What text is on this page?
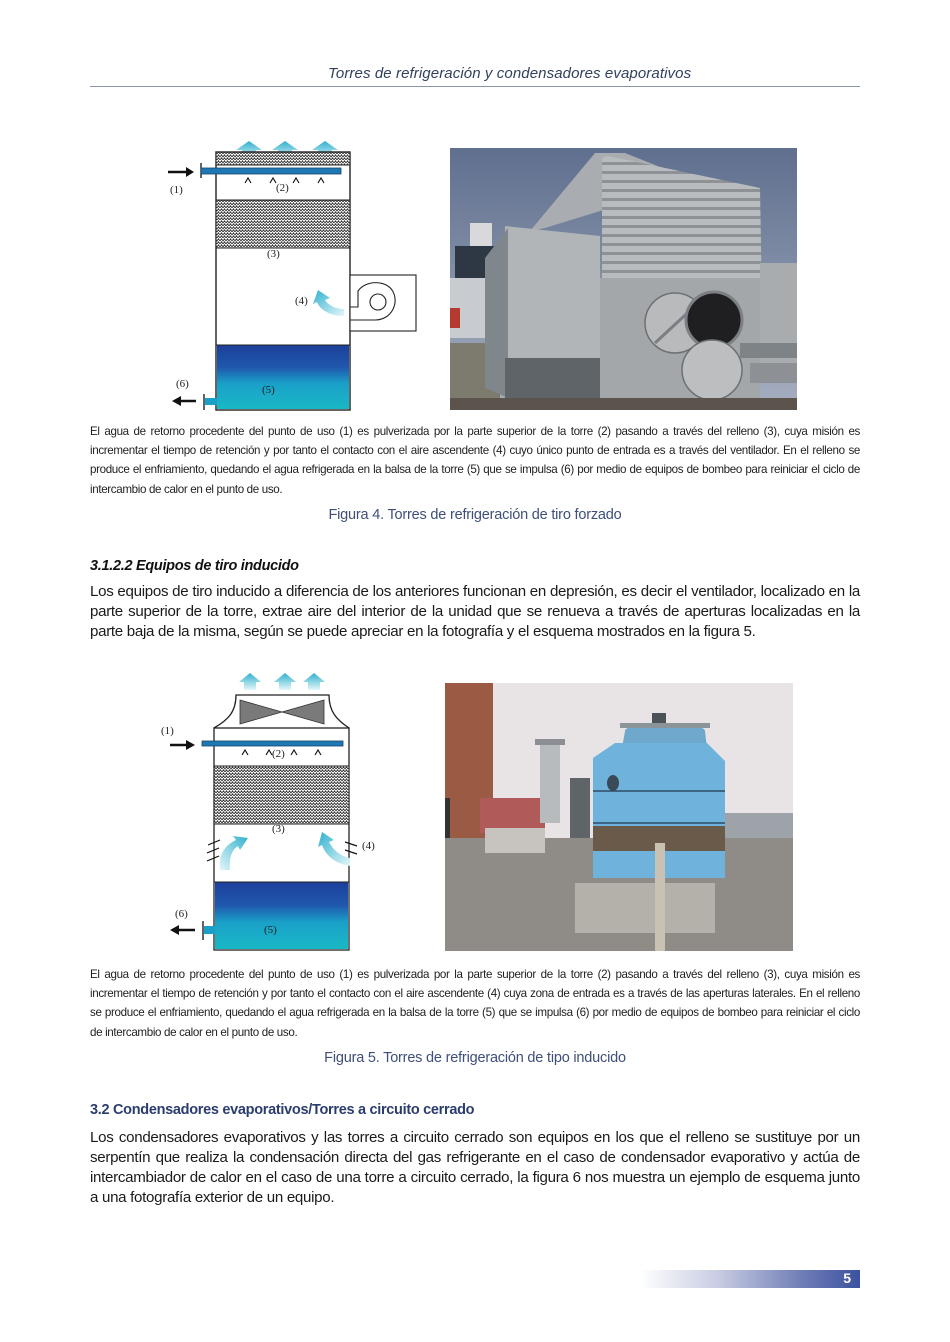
Torres de refrigeración y condensadores evaporativos
(1)	(2)
(3)
(4)
(5)
(6)
El agua de retorno procedente del punto de uso (1) es pulverizada por la parte superior de la torre (2) pasando a través del relleno (3), cuya misión es incrementar el tiempo de retención y por tanto el contacto con el aire ascendente (4) cuyo único punto de entrada es a través del ventilador. En el relleno se produce el enfriamiento, quedando el agua refrigerada en la balsa de la torre (5) que se impulsa (6) por medio de equipos de bombeo para reiniciar el ciclo de intercambio de calor en el punto de uso.
Figura 4. Torres de refrigeración de tiro forzado
3.1.2.2 Equipos de tiro inducido
Los equipos de tiro inducido a diferencia de los anteriores funcionan en depresión, es decir el ventilador, localizado en la parte superior de la torre, extrae aire del interior de la unidad que se renueva a través de aperturas localizadas en la parte baja de la misma, según se puede apreciar en la fotografía y el esquema mostrados en la figura 5.
(1)
(2)
(3)
(4)
(5)
(6)
El agua de retorno procedente del punto de uso (1) es pulverizada por la parte superior de la torre (2) pasando a través del relleno (3), cuya misión es incrementar el tiempo de retención y por tanto el contacto con el aire ascendente (4) cuya zona de entrada es a través de las aperturas laterales. En el relleno se produce el enfriamiento, quedando el agua refrigerada en la balsa de la torre (5) que se impulsa (6) por medio de equipos de bombeo para reiniciar el ciclo de intercambio de calor en el punto de uso.
Figura 5. Torres de refrigeración de tipo inducido
3.2 Condensadores evaporativos/Torres a circuito cerrado
Los condensadores evaporativos y las torres a circuito cerrado son equipos en los que el relleno se sustituye por un serpentín que realiza la condensación directa del gas refrigerante en el caso de condensador evaporativo y actúa de intercambiador de calor en el caso de una torre a circuito cerrado, la figura 6 nos muestra un ejemplo de esquema junto a una fotografía exterior de un equipo.
5
